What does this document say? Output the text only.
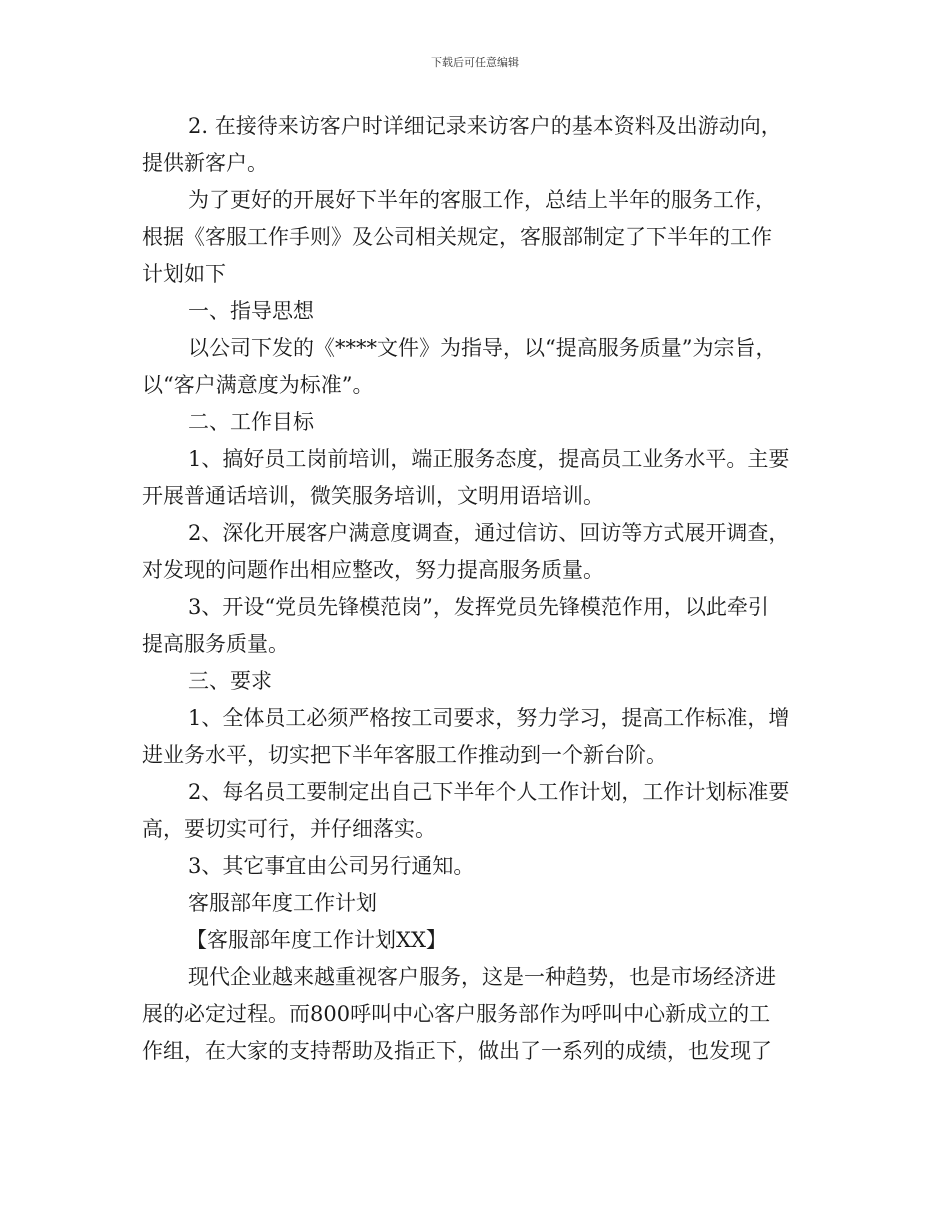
下载后可任意编辑
2. 在接待来访客户时详细记录来访客户的基本资料及出游动向，
提供新客户。
为了更好的开展好下半年的客服工作，总结上半年的服务工作，
根据《客服工作手则》及公司相关规定，客服部制定了下半年的工作
计划如下
一、指导思想
以公司下发的《****文件》为指导，以“提高服务质量”为宗旨，
以“客户满意度为标准”。
二、工作目标
1、搞好员工岗前培训，端正服务态度，提高员工业务水平。主要
开展普通话培训，微笑服务培训，文明用语培训。
2、深化开展客户满意度调查，通过信访、回访等方式展开调查，
对发现的问题作出相应整改，努力提高服务质量。
3、开设“党员先锋模范岗”，发挥党员先锋模范作用，以此牵引
提高服务质量。
三、要求
1、全体员工必须严格按工司要求，努力学习，提高工作标准，增
进业务水平，切实把下半年客服工作推动到一个新台阶。
2、每名员工要制定出自己下半年个人工作计划，工作计划标准要
高，要切实可行，并仔细落实。
3、其它事宜由公司另行通知。
客服部年度工作计划
【客服部年度工作计划XX】
现代企业越来越重视客户服务，这是一种趋势，也是市场经济进
展的必定过程。而800呼叫中心客户服务部作为呼叫中心新成立的工
作组，在大家的支持帮助及指正下，做出了一系列的成绩，也发现了
